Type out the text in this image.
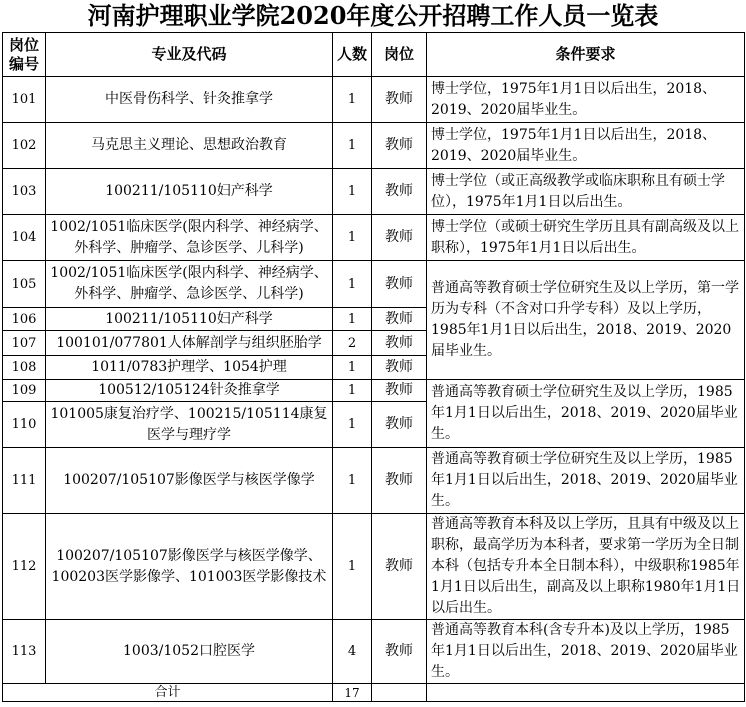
河南护理职业学院2020年度公开招聘工作人员一览表
岗位
编号	专业及代码	人数	岗位	条件要求
101	中医骨伤科学、针灸推拿学	1	教师	博士学位，1975年1月1日以后出生，2018、2019、2020届毕业生。
102	马克思主义理论、思想政治教育	1	教师	博士学位，1975年1月1日以后出生，2018、2019、2020届毕业生。
103	100211/105110妇产科学	1	教师	博士学位（或正高级教学或临床职称且有硕士学位），1975年1月1日以后出生。
104	1002/1051临床医学(限内科学、神经病学、外科学、肿瘤学、急诊医学、儿科学)	1	教师	博士学位（或硕士研究生学历且具有副高级及以上职称），1975年1月1日以后出生。
105	1002/1051临床医学(限内科学、神经病学、外科学、肿瘤学、急诊医学、儿科学)	1	教师	普通高等教育硕士学位研究生及以上学历，第一学历为专科（不含对口升学专科）及以上学历，1985年1月1日以后出生，2018、2019、2020届毕业生。
106	100211/105110妇产科学	1	教师	
107	100101/077801人体解剖学与组织胚胎学	2	教师	
108	1011/0783护理学、1054护理	1	教师	
109	100512/105124针灸推拿学	1	教师	普通高等教育硕士学位研究生及以上学历，1985年1月1日以后出生，2018、2019、2020届毕业生。
110	101005康复治疗学、100215/105114康复医学与理疗学	1	教师	
111	100207/105107影像医学与核医学像学	1	教师	普通高等教育硕士学位研究生及以上学历，1985年1月1日以后出生，2018、2019、2020届毕业生。
112	100207/105107影像医学与核医学像学、100203医学影像学、101003医学影像技术	1	教师	普通高等教育本科及以上学历，且具有中级及以上职称，最高学历为本科者，要求第一学历为全日制本科（包括专升本全日制本科），中级职称1985年1月1日以后出生，副高及以上职称1980年1月1日以后出生。
113	1003/1052口腔医学	4	教师	普通高等教育本科(含专升本)及以上学历，1985年1月1日以后出生，2018、2019、2020届毕业生。
合计		17		
